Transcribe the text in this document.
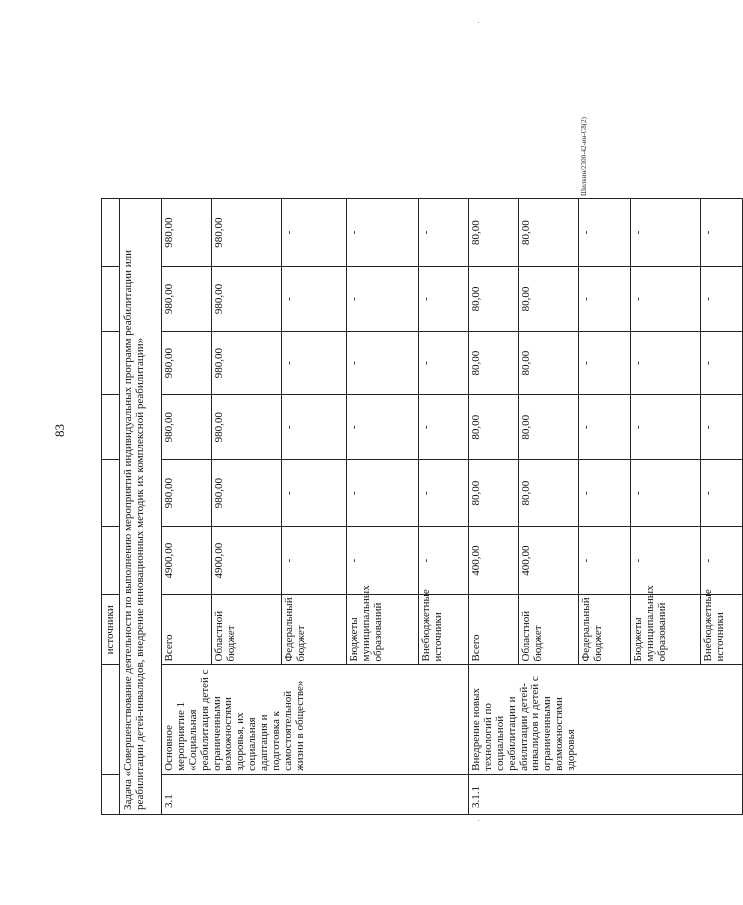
83
Шилкин/2300-42-ин-С8(2)
		источники						
Задача «Совершенствование деятельности по выполнению мероприятий индивидуальных программ реабилитации или реабилитации детей-инвалидов, внедрение инновационных методик их комплексной реабилитации»								
3.1	Основное мероприятие 1 «Социальная реабилитация детей с ограниченными возможностями здоровья, их социальная адаптация и подготовка к самостоятельной жизни в обществе»	Всего	4900,00	980,00	980,00	980,00	980,00	980,00
		Областной бюджет	4900,00	980,00	980,00	980,00	980,00	980,00
		Федеральный бюджет	-	-	-	-	-	-
		Бюджеты муниципальных образований	-	-	-	-	-	-
		Внебюджетные источники	-	-	-	-	-	-
3.1.1	Внедрение новых технологий по социальной реабилитации и абилитации детей-инвалидов и детей с ограниченными возможностями здоровья	Всего	400,00	80,00	80,00	80,00	80,00	80,00
		Областной бюджет	400,00	80,00	80,00	80,00	80,00	80,00
		Федеральный бюджет	-	-	-	-	-	-
		Бюджеты муниципальных образований	-	-	-	-	-	-
		Внебюджетные источники	-	-	-	-	-	-
